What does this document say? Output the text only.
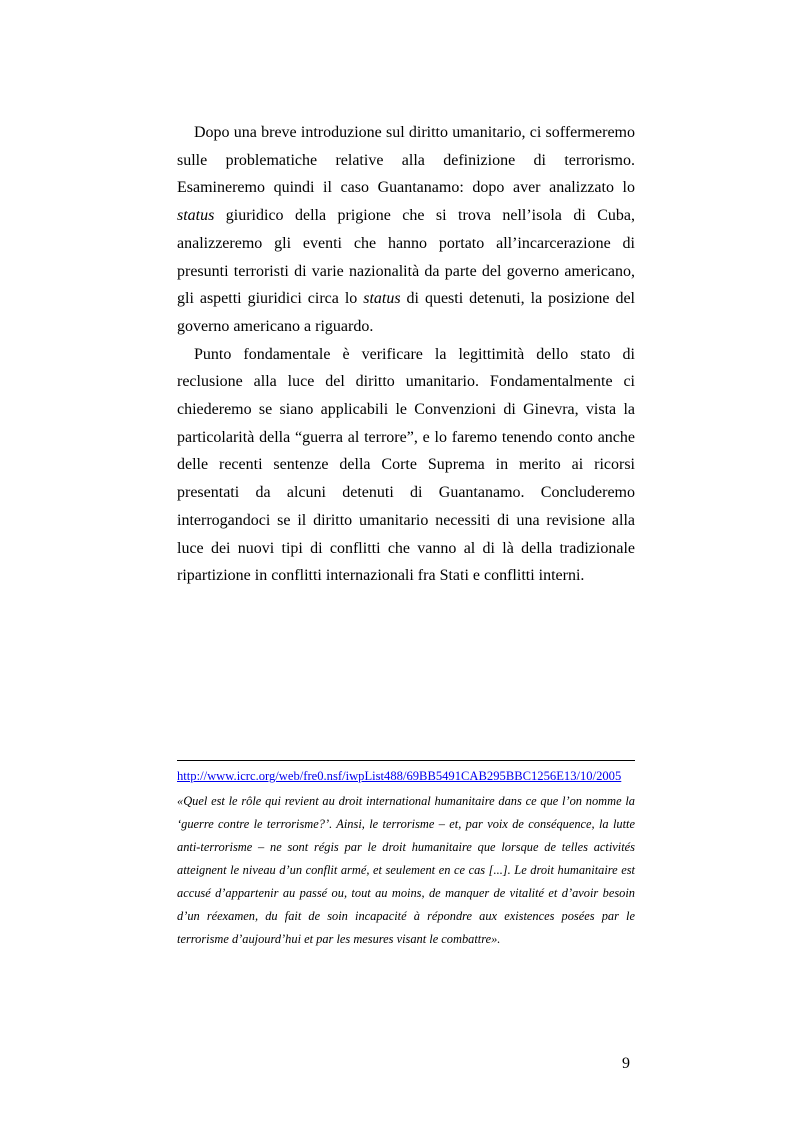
Dopo una breve introduzione sul diritto umanitario, ci soffermeremo sulle problematiche relative alla definizione di terrorismo. Esamineremo quindi il caso Guantanamo: dopo aver analizzato lo status giuridico della prigione che si trova nell’isola di Cuba, analizzeremo gli eventi che hanno portato all’incarcerazione di presunti terroristi di varie nazionalità da parte del governo americano, gli aspetti giuridici circa lo status di questi detenuti, la posizione del governo americano a riguardo.

Punto fondamentale è verificare la legittimità dello stato di reclusione alla luce del diritto umanitario. Fondamentalmente ci chiederemo se siano applicabili le Convenzioni di Ginevra, vista la particolarità della “guerra al terrore”, e lo faremo tenendo conto anche delle recenti sentenze della Corte Suprema in merito ai ricorsi presentati da alcuni detenuti di Guantanamo. Concluderemo interrogandoci se il diritto umanitario necessiti di una revisione alla luce dei nuovi tipi di conflitti che vanno al di là della tradizionale ripartizione in conflitti internazionali fra Stati e conflitti interni.

http://www.icrc.org/web/fre0.nsf/iwpList488/69BB5491CAB295BBC1256E13/10/2005

«Quel est le rôle qui revient au droit international humanitaire dans ce que l’on nomme la ‘guerre contre le terrorisme?’. Ainsi, le terrorisme – et, par voix de conséquence, la lutte anti-terrorisme – ne sont régis par le droit humanitaire que lorsque de telles activités atteignent le niveau d’un conflit armé, et seulement en ce cas [...]. Le droit humanitaire est accusé d’appartenir au passé ou, tout au moins, de manquer de vitalité et d’avoir besoin d’un réexamen, du fait de soin incapacité à répondre aux existences posées par le terrorisme d’aujourd’hui et par les mesures visant le combattre».

9
